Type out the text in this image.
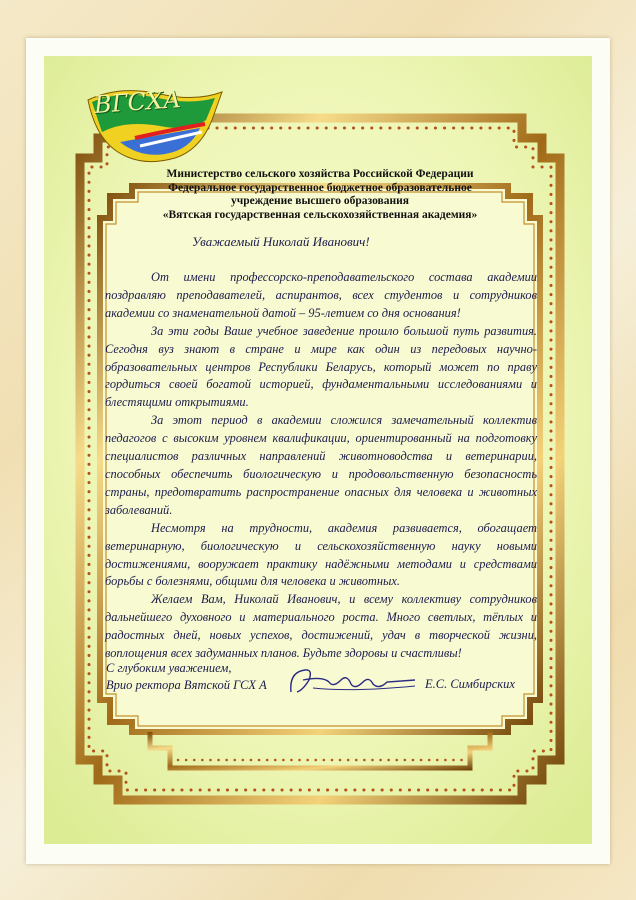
ВГСХА
Министерство сельского хозяйства Российской Федерации
Федеральное государственное бюджетное образовательное
учреждение высшего образования
«Вятская государственная сельскохозяйственная академия»
Уважаемый Николай Иванович!

От имени профессорско-преподавательского состава академии поздравляю преподавателей, аспирантов, всех студентов и сотрудников академии со знаменательной датой – 95-летием со дня основания!

За эти годы Ваше учебное заведение прошло большой путь развития. Сегодня вуз знают в стране и мире как один из передовых научно-образовательных центров Республики Беларусь, который может по праву гордиться своей богатой историей, фундаментальными исследованиями и блестящими открытиями.

За этот период в академии сложился замечательный коллектив педагогов с высоким уровнем квалификации, ориентированный на подготовку специалистов различных направлений животноводства и ветеринарии, способных обеспечить биологическую и продовольственную безопасность страны, предотвратить распространение опасных для человека и животных заболеваний.

Несмотря на трудности, академия развивается, обогащает ветеринарную, биологическую и сельскохозяйственную науку новыми достижениями, вооружает практику надёжными методами и средствами борьбы с болезнями, общими для человека и животных.

Желаем Вам, Николай Иванович, и всему коллективу сотрудников дальнейшего духовного и материального роста. Много светлых, тёплых и радостных дней, новых успехов, достижений, удач в творческой жизни, воплощения всех задуманных планов. Будьте здоровы и счастливы!

С глубоким уважением,
Врио ректора Вятской ГСХ А	Е.С. Симбирских
